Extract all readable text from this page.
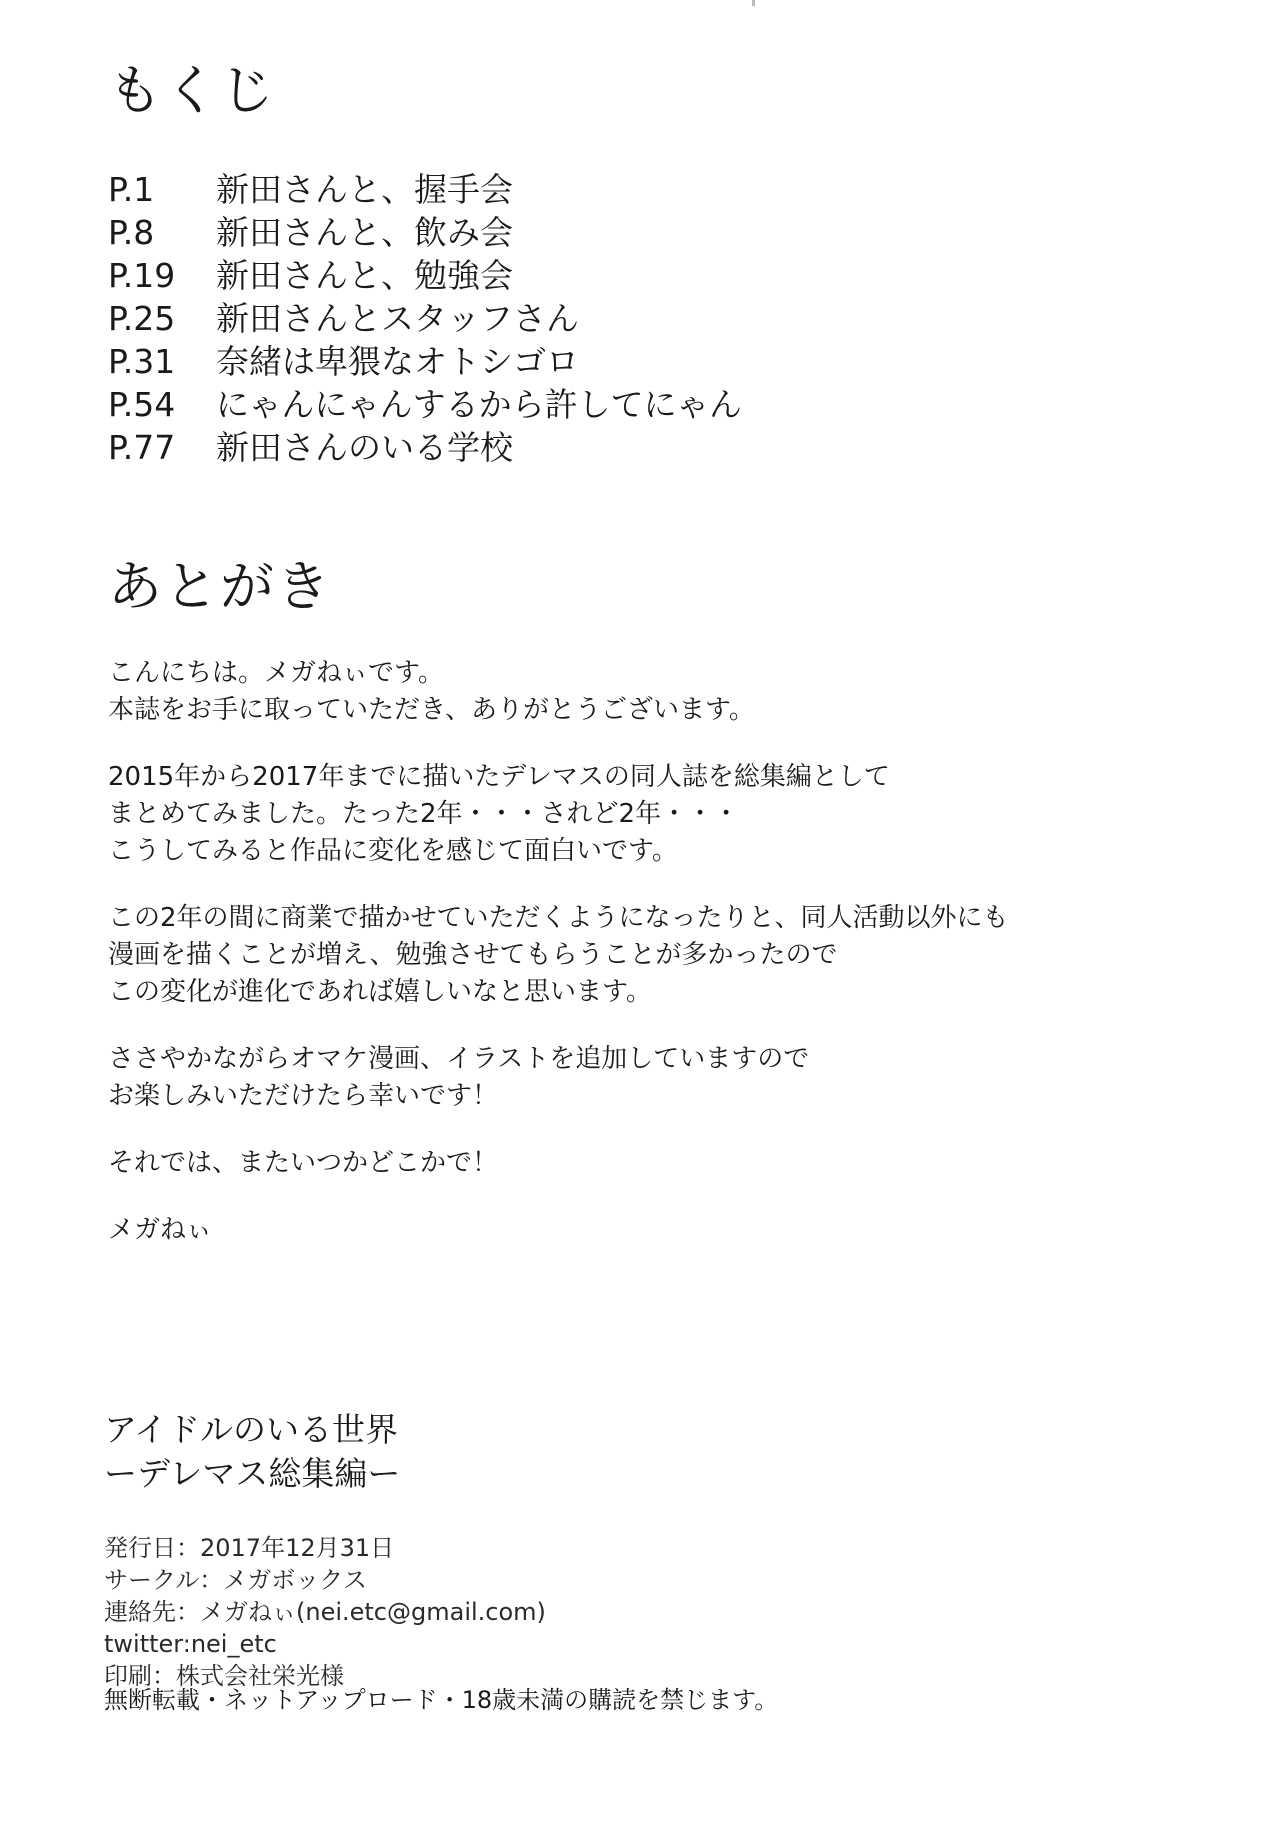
もくじ
P.1	新田さんと、握手会
P.8	新田さんと、飲み会
P.19	新田さんと、勉強会
P.25	新田さんとスタッフさん
P.31	奈緒は卑猥なオトシゴロ
P.54	にゃんにゃんするから許してにゃん
P.77	新田さんのいる学校
あとがき

こんにちは。メガねぃです。
本誌をお手に取っていただき、ありがとうございます。

2015年から2017年までに描いたデレマスの同人誌を総集編として
まとめてみました。たった2年・・・されど2年・・・
こうしてみると作品に変化を感じて面白いです。

この2年の間に商業で描かせていただくようになったりと、同人活動以外にも
漫画を描くことが増え、勉強させてもらうことが多かったので
この変化が進化であれば嬉しいなと思います。

ささやかながらオマケ漫画、イラストを追加していますので
お楽しみいただけたら幸いです！

それでは、またいつかどこかで！

メガねぃ

アイドルのいる世界
ーデレマス総集編ー
発行日：2017年12月31日
サークル：メガボックス
連絡先：メガねぃ(nei.etc@gmail.com)
twitter:nei_etc
印刷：株式会社栄光様
無断転載・ネットアップロード・18歳未満の購読を禁じます。
